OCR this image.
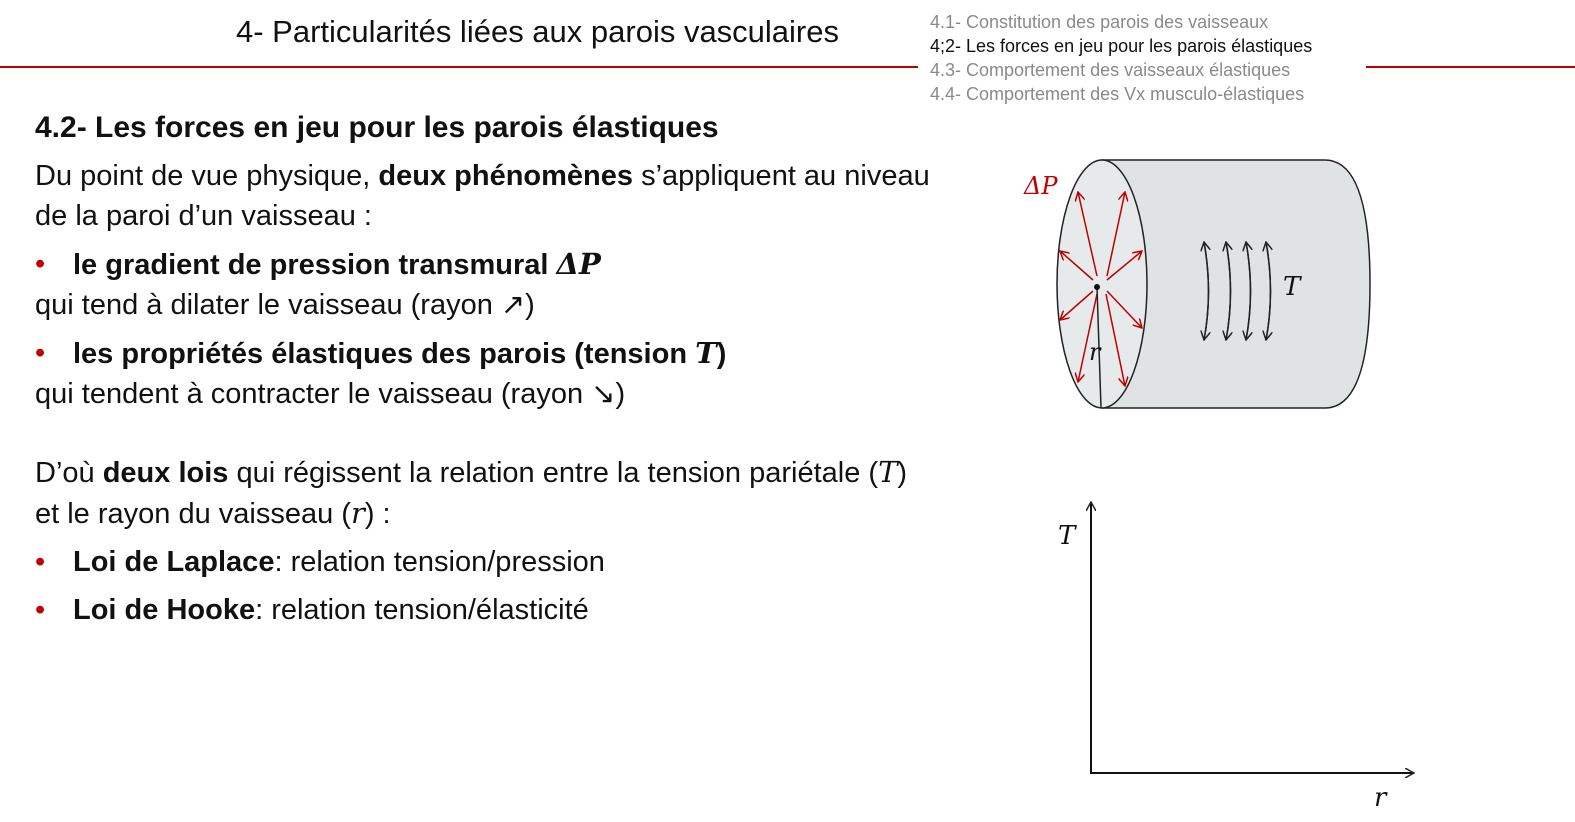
4- Particularités liées aux parois vasculaires	4.1- Constitution des parois des vaisseaux
4;2- Les forces en jeu pour les parois élastiques
4.3- Comportement des vaisseaux élastiques
4.4- Comportement des Vx musculo-élastiques
4.2- Les forces en jeu pour les parois élastiques

Du point de vue physique, deux phénomènes s’appliquent au niveau de la paroi d’un vaisseau :

• le gradient de pression transmural ΔP

qui tend à dilater le vaisseau (rayon ↗)

• les propriétés élastiques des parois (tension T)

qui tendent à contracter le vaisseau (rayon ↘)

D’où deux lois qui régissent la relation entre la tension pariétale (T) et le rayon du vaisseau (r) :

• Loi de Laplace: relation tension/pression
• Loi de Hooke: relation tension/élasticité
ΔP
T
r
T
r
